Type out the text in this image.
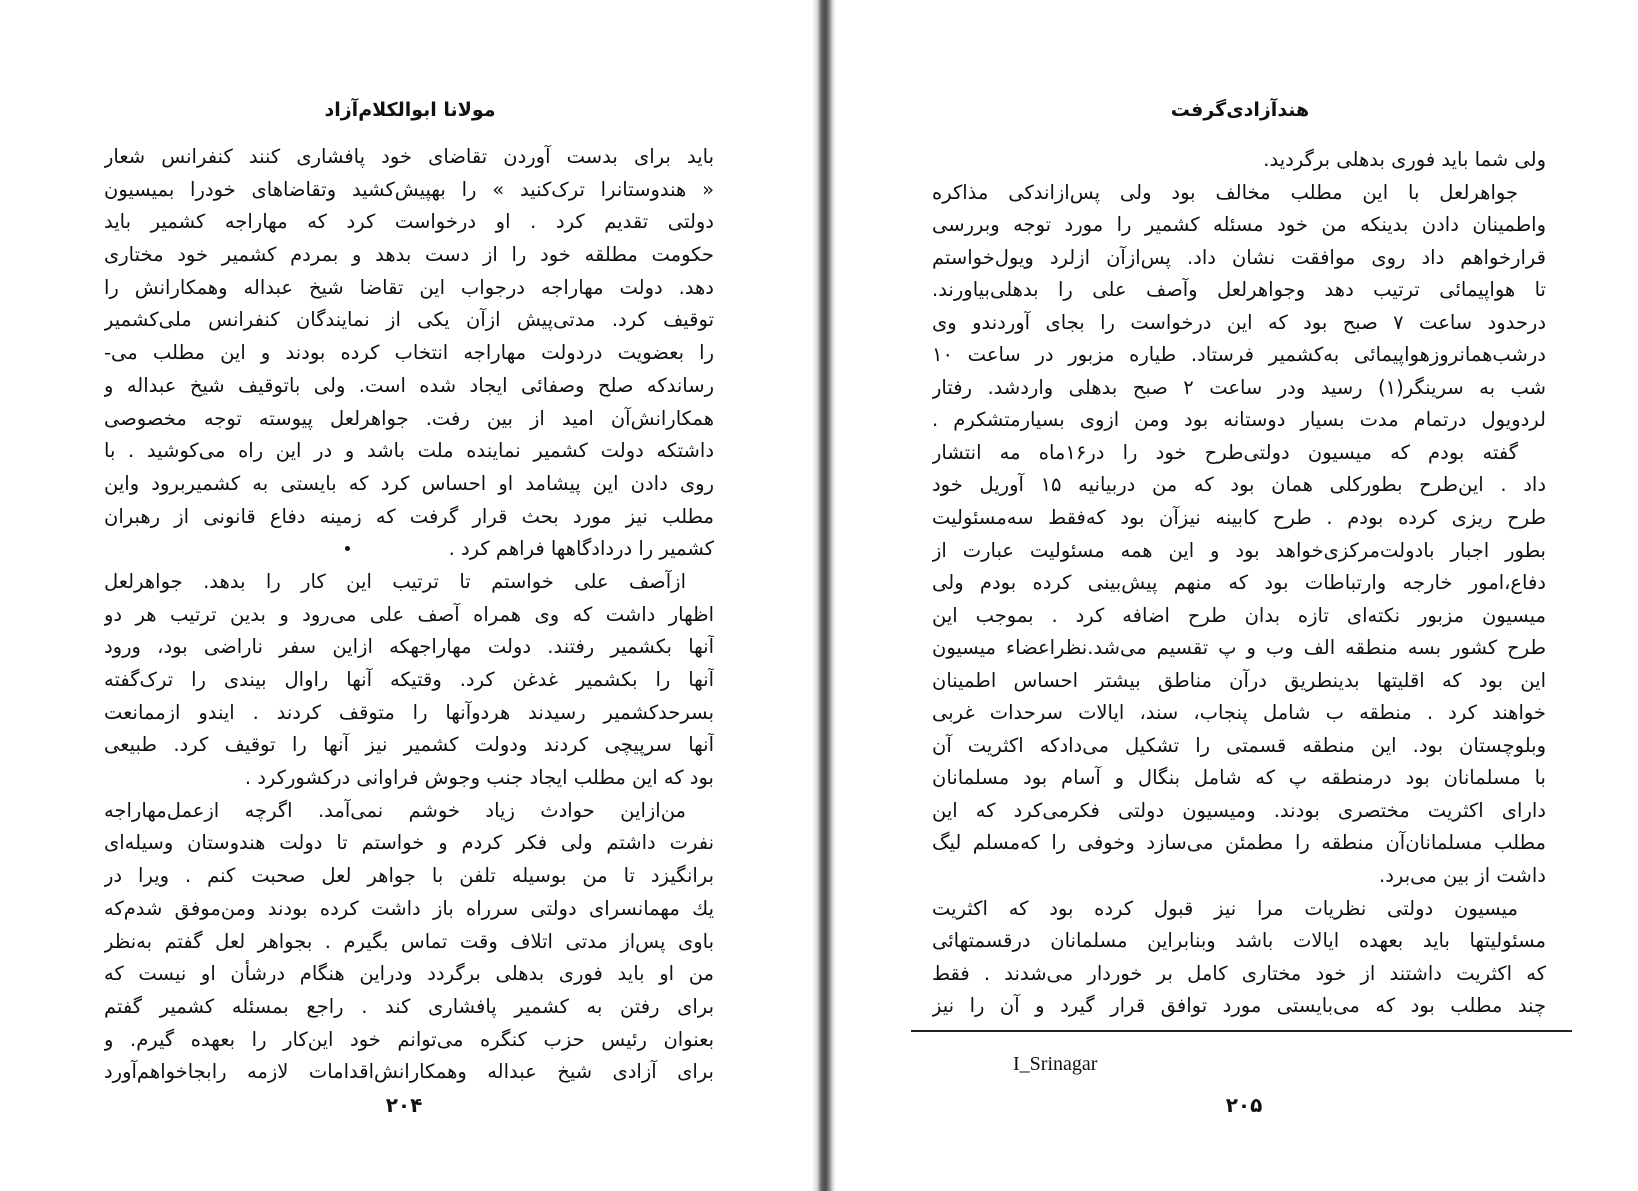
مولانا ابوالکلام‌آزاد	هندآزادی‌گرفت
باید برای بدست آوردن تقاضای خود پافشاری کنند کنفرانس شعار
« هندوستانرا ترک‌کنید » را بهپیش‌کشید وتقاضاهای خودرا بمیسیون
دولتی تقدیم کرد . او درخواست کرد که مهاراجه کشمیر باید
حکومت مطلقه خود را از دست بدهد و بمردم کشمیر خود مختاری
دهد. دولت مهاراجه درجواب این تقاضا شیخ عبداله وهمکارانش را
توقیف کرد. مدتی‌پیش ازآن یکی از نمایندگان کنفرانس ملی‌کشمیر
را بعضویت دردولت مهاراجه انتخاب کرده بودند و این مطلب می-
رساندکه صلح وصفائی ایجاد شده است. ولی باتوقیف شیخ عبداله و
همکارانش‌آن امید از بین رفت. جواهرلعل پیوسته توجه مخصوصی
داشتکه دولت کشمیر نماینده ملت باشد و در این راه می‌کوشید . با
روی دادن این پیشامد او احساس کرد که بایستی به کشمیربرود واین
مطلب نیز مورد بحث قرار گرفت که زمینه دفاع قانونی از رهبران
کشمیر را دردادگاهها فراهم کرد .
ازآصف علی خواستم تا ترتیب این کار را بدهد. جواهرلعل
اظهار داشت که وی همراه آصف علی می‌رود و بدین ترتیب هر دو
آنها بکشمیر رفتند. دولت مهاراجهکه ازاین سفر ناراضی بود، ورود
آنها را بکشمیر غدغن کرد. وقتیکه آنها راوال بیندی را ترک‌گفته
بسرحدکشمیر رسیدند هردوآنها را متوقف کردند . ایندو ازممانعت
آنها سرپیچی کردند ودولت کشمیر نیز آنها را توقیف کرد. طبیعی
بود که این مطلب ایجاد جنب وجوش فراوانی درکشورکرد .
من‌ازاین حوادث زیاد خوشم نمی‌آمد. اگرچه ازعمل‌مهاراجه
نفرت داشتم ولی فکر کردم و خواستم تا دولت هندوستان وسیله‌ای
برانگیزد تا من بوسیله تلفن با جواهر لعل صحبت کنم . ویرا در
یك مهمانسرای دولتی سرراه باز داشت کرده بودند ومن‌موفق شدم‌که
باوی پس‌از مدتی اتلاف وقت تماس بگیرم . بجواهر لعل گفتم به‌نظر
من او باید فوری بدهلی برگردد ودراین هنگام درشأن او نیست که
برای رفتن به کشمیر پافشاری کند . راجع بمسئله کشمیر گفتم
بعنوان رئیس حزب کنگره می‌توانم خود این‌کار را بعهده گیرم. و
برای آزادی شیخ عبداله وهمکارانش‌اقدامات لازمه رابجاخواهم‌آورد
ولی شما باید فوری بدهلی برگردید.
جواهرلعل با این مطلب مخالف بود ولی پس‌ازاندکی مذاکره
واطمینان دادن بدینکه من خود مسئله کشمیر را مورد توجه وبررسی
قرارخواهم داد روی موافقت نشان داد. پس‌ازآن ازلرد ویول‌خواستم
تا هواپیمائی ترتیب دهد وجواهرلعل وآصف علی را بدهلی‌بیاورند.
درحدود ساعت ۷ صبح بود که این درخواست را بجای آوردندو وی
درشب‌همانروزهواپیمائی به‌کشمیر فرستاد. طیاره مزبور در ساعت ۱۰
شب به سرینگر(۱) رسید ودر ساعت ۲ صبح بدهلی واردشد. رفتار
لردویول درتمام مدت بسیار دوستانه بود ومن ازوی بسیارمتشکرم .
گفته بودم که میسیون دولتی‌طرح خود را در۱۶ماه مه انتشار
داد . این‌طرح بطورکلی همان بود که من دربیانیه ۱۵ آوریل خود
طرح ریزی کرده بودم . طرح کابینه نیزآن بود که‌فقط سه‌مسئولیت
بطور اجبار بادولت‌مرکزی‌خواهد بود و این همه مسئولیت عبارت از
دفاع،امور خارجه وارتباطات بود که منهم پیش‌بینی کرده بودم ولی
میسیون مزبور نکته‌ای تازه بدان طرح اضافه کرد . بموجب این
طرح کشور بسه منطقه الف وب و پ تقسیم می‌شد.نظراعضاء میسیون
این بود که اقلیتها بدینطریق درآن مناطق بیشتر احساس اطمینان
خواهند کرد . منطقه ب شامل پنجاب، سند، ایالات سرحدات غربی
وبلوچستان بود. این منطقه قسمتی را تشکیل می‌دادکه اکثریت آن
با مسلمانان بود درمنطقه پ که شامل بنگال و آسام بود مسلمانان
دارای اکثریت مختصری بودند. ومیسیون دولتی فکرمی‌کرد که این
مطلب مسلمانان‌آن منطقه را مطمئن می‌سازد وخوفی را که‌مسلم لیگ
داشت از بین می‌برد.
میسیون دولتی نظریات مرا نیز قبول کرده بود که اکثریت
مسئولیتها باید بعهده ایالات باشد وبنابراین مسلمانان درقسمتهائی
که اکثریت داشتند از خود مختاری کامل بر خوردار می‌شدند . فقط
چند مطلب بود که می‌بایستی مورد توافق قرار گیرد و آن را نیز
I_Srinagar
۲۰۴	۲۰۵
